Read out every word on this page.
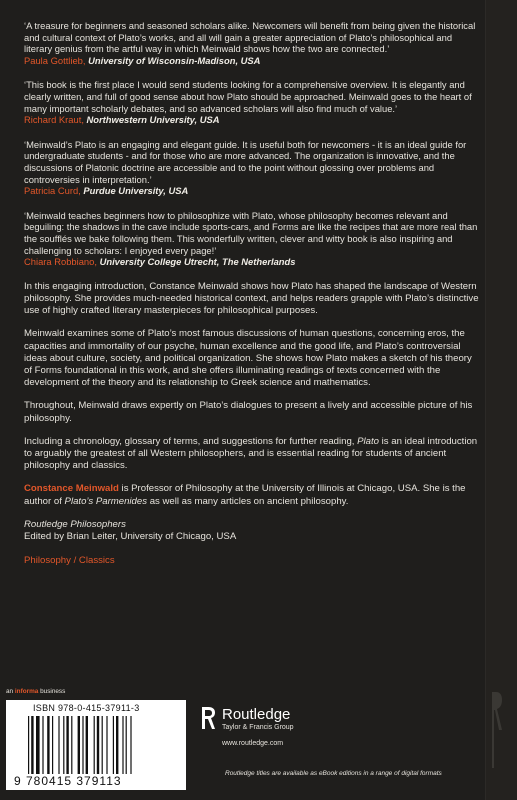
‘A treasure for beginners and seasoned scholars alike. Newcomers will benefit from being given the historical and cultural context of Plato’s works, and all will gain a greater appreciation of Plato’s philosophical and literary genius from the artful way in which Meinwald shows how the two are connected.’

Paula Gottlieb, University of Wisconsin-Madison, USA

‘This book is the first place I would send students looking for a comprehensive overview. It is elegantly and clearly written, and full of good sense about how Plato should be approached. Meinwald goes to the heart of many important scholarly debates, and so advanced scholars will also find much of value.’

Richard Kraut, Northwestern University, USA

‘Meinwald’s Plato is an engaging and elegant guide. It is useful both for newcomers - it is an ideal guide for undergraduate students - and for those who are more advanced. The organization is innovative, and the discussions of Platonic doctrine are accessible and to the point without glossing over problems and controversies in interpretation.’

Patricia Curd, Purdue University, USA

‘Meinwald teaches beginners how to philosophize with Plato, whose philosophy becomes relevant and beguiling: the shadows in the cave include sports-cars, and Forms are like the recipes that are more real than the soufflés we bake following them. This wonderfully written, clever and witty book is also inspiring and challenging to scholars: I enjoyed every page!’

Chiara Robbiano, University College Utrecht, The Netherlands

In this engaging introduction, Constance Meinwald shows how Plato has shaped the landscape of Western philosophy. She provides much-needed historical context, and helps readers grapple with Plato’s distinctive use of highly crafted literary masterpieces for philosophical purposes.

Meinwald examines some of Plato’s most famous discussions of human questions, concerning eros, the capacities and immortality of our psyche, human excellence and the good life, and Plato’s controversial ideas about culture, society, and political organization. She shows how Plato makes a sketch of his theory of Forms foundational in this work, and she offers illuminating readings of texts concerned with the development of the theory and its relationship to Greek science and mathematics.

Throughout, Meinwald draws expertly on Plato’s dialogues to present a lively and accessible picture of his philosophy.

Including a chronology, glossary of terms, and suggestions for further reading, Plato is an ideal introduction to arguably the greatest of all Western philosophers, and is essential reading for students of ancient philosophy and classics.

Constance Meinwald is Professor of Philosophy at the University of Illinois at Chicago, USA. She is the author of Plato’s Parmenides as well as many articles on ancient philosophy.

Routledge Philosophers
Edited by Brian Leiter, University of Chicago, USA
Philosophy / Classics
an informa business
ISBN 978-0-415-37911-3
9 780415 379113
Routledge
Taylor & Francis Group
www.routledge.com
Routledge titles are available as eBook editions in a range of digital formats
